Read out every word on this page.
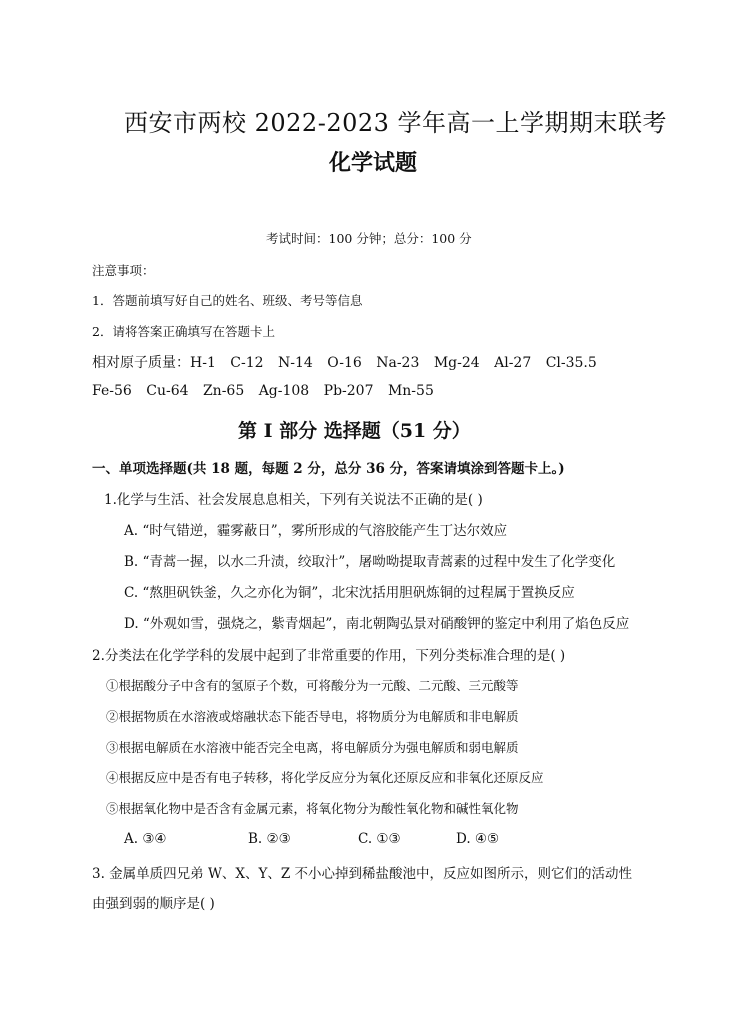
西安市两校 2022-2023 学年高一上学期期末联考
化学试题
考试时间：100 分钟；总分：100 分
注意事项：
1．答题前填写好自己的姓名、班级、考号等信息
2．请将答案正确填写在答题卡上
相对原子质量：H-1 C-12 N-14 O-16 Na-23 Mg-24 Al-27 Cl-35.5
Fe-56 Cu-64 Zn-65 Ag-108 Pb-207 Mn-55
第 I 部分 选择题（51 分）
一、单项选择题(共 18 题，每题 2 分，总分 36 分，答案请填涂到答题卡上。)
1.化学与生活、社会发展息息相关，下列有关说法不正确的是( )
A. “时气错逆，霾雾蔽日”，雾所形成的气溶胶能产生丁达尔效应
B. “青蒿一握，以水二升渍，绞取汁”，屠呦呦提取青蒿素的过程中发生了化学变化
C. “熬胆矾铁釜，久之亦化为铜”，北宋沈括用胆矾炼铜的过程属于置换反应
D. “外观如雪，强烧之，紫青烟起”，南北朝陶弘景对硝酸钾的鉴定中利用了焰色反应
2.分类法在化学学科的发展中起到了非常重要的作用，下列分类标准合理的是( )
①根据酸分子中含有的氢原子个数，可将酸分为一元酸、二元酸、三元酸等
②根据物质在水溶液或熔融状态下能否导电，将物质分为电解质和非电解质
③根据电解质在水溶液中能否完全电离，将电解质分为强电解质和弱电解质
④根据反应中是否有电子转移，将化学反应分为氧化还原反应和非氧化还原反应
⑤根据氧化物中是否含有金属元素，将氧化物分为酸性氧化物和碱性氧化物
A. ③④	B. ②③	C. ①③	D. ④⑤
3. 金属单质四兄弟 W、X、Y、Z 不小心掉到稀盐酸池中，反应如图所示，则它们的活动性
由强到弱的顺序是( )
